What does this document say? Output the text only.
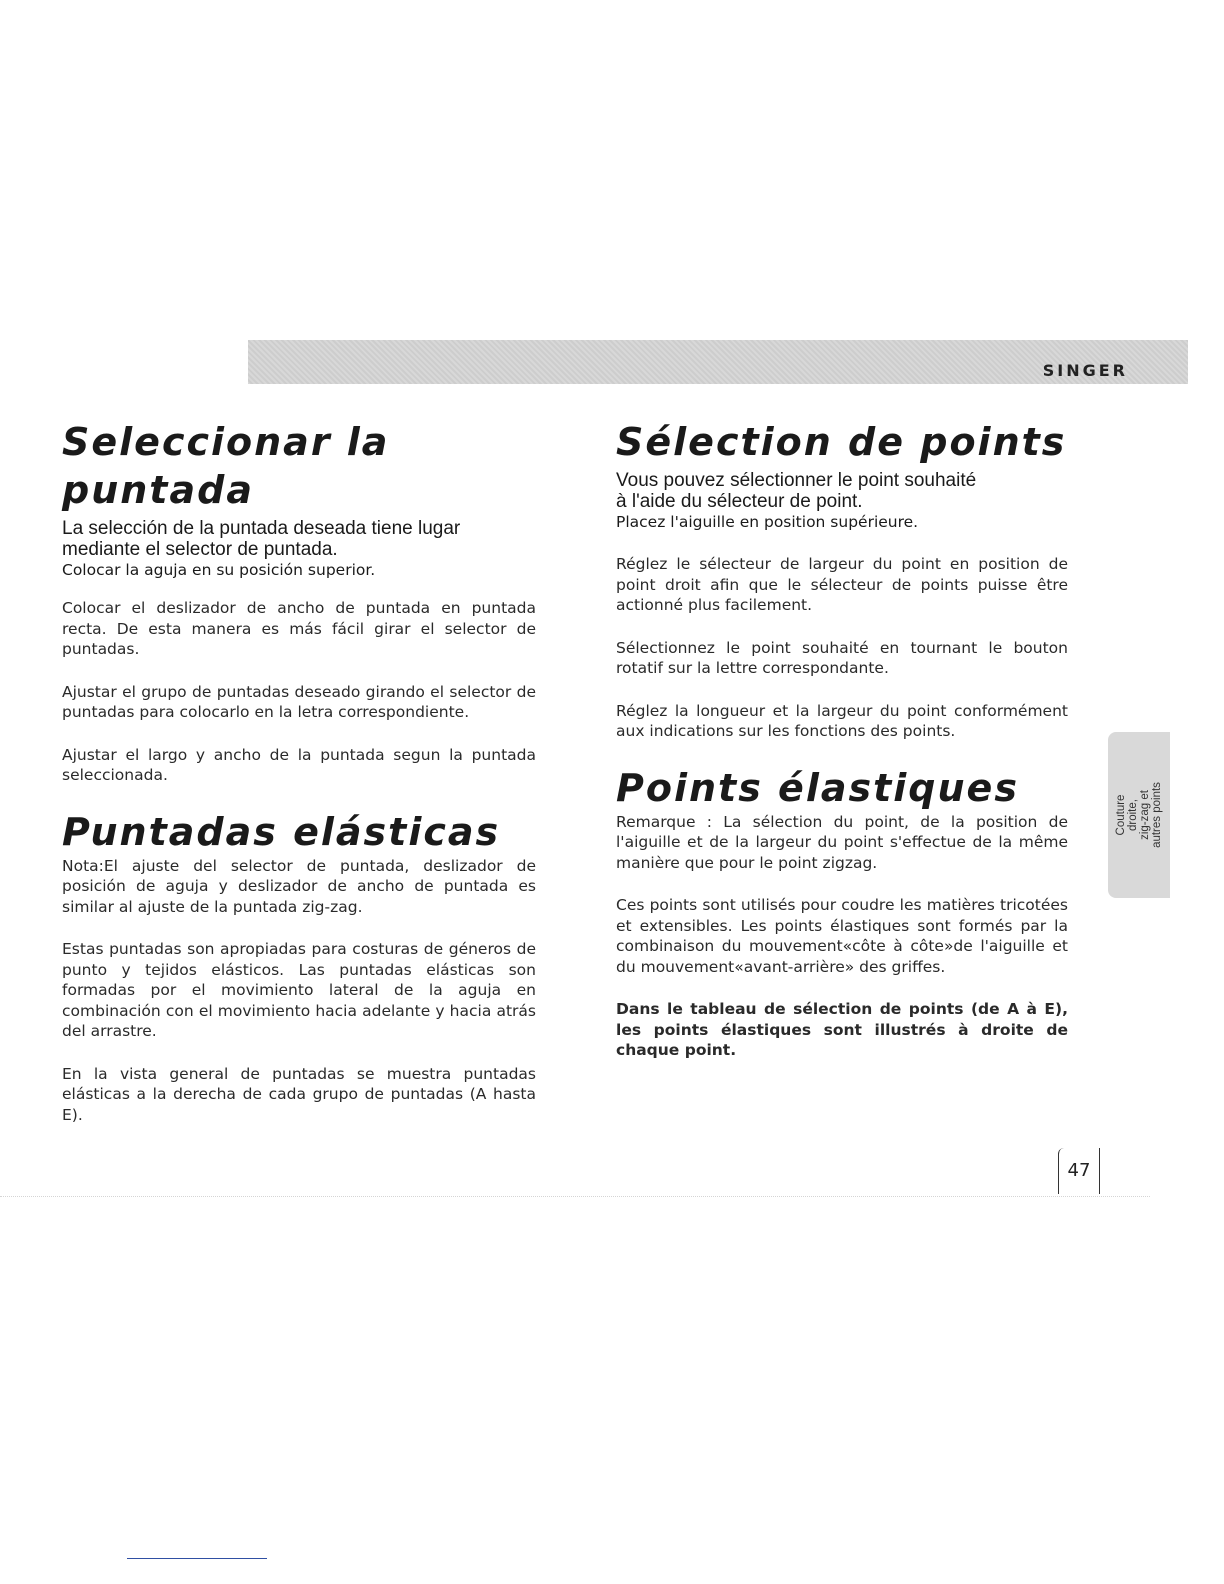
SINGER
Seleccionar la puntada
La selección de la puntada deseada tiene lugar
mediante el selector de puntada.
Colocar la aguja en su posición superior.

Colocar el deslizador de ancho de puntada en puntada recta. De esta manera es más fácil girar el selector de puntadas.

Ajustar el grupo de puntadas deseado girando el selector de puntadas para colocarlo en la letra correspondiente.

Ajustar el largo y ancho de la puntada segun la puntada seleccionada.

Puntadas elásticas

Nota:El ajuste del selector de puntada, deslizador de posición de aguja y deslizador de ancho de puntada es similar al ajuste de la puntada zig-zag.

Estas puntadas son apropiadas para costuras de géneros de punto y tejidos elásticos. Las puntadas elásticas son formadas por el movimiento lateral de la aguja en combinación con el movimiento hacia adelante y hacia atrás del arrastre.

En la vista general de puntadas se muestra puntadas elásticas a la derecha de cada grupo de puntadas (A hasta E).

Sélection de points
Vous pouvez sélectionner le point souhaité
à l'aide du sélecteur de point.
Placez l'aiguille en position supérieure.

Réglez le sélecteur de largeur du point en position de point droit afin que le sélecteur de points puisse être actionné plus facilement.

Sélectionnez le point souhaité en tournant le bouton rotatif sur la lettre correspondante.

Réglez la longueur et la largeur du point conformément aux indications sur les fonctions des points.

Points élastiques

Remarque : La sélection du point, de la position de l'aiguille et de la largeur du point s'effectue de la même manière que pour le point zigzag.

Ces points sont utilisés pour coudre les matières tricotées et extensibles. Les points élastiques sont formés par la combinaison du mouvement«côte à côte»de l'aiguille et du mouvement«avant-arrière» des griffes.

Dans le tableau de sélection de points (de A à E), les points élastiques sont illustrés à droite de chaque point.

Couture droite, zig-zag et autres points
47
